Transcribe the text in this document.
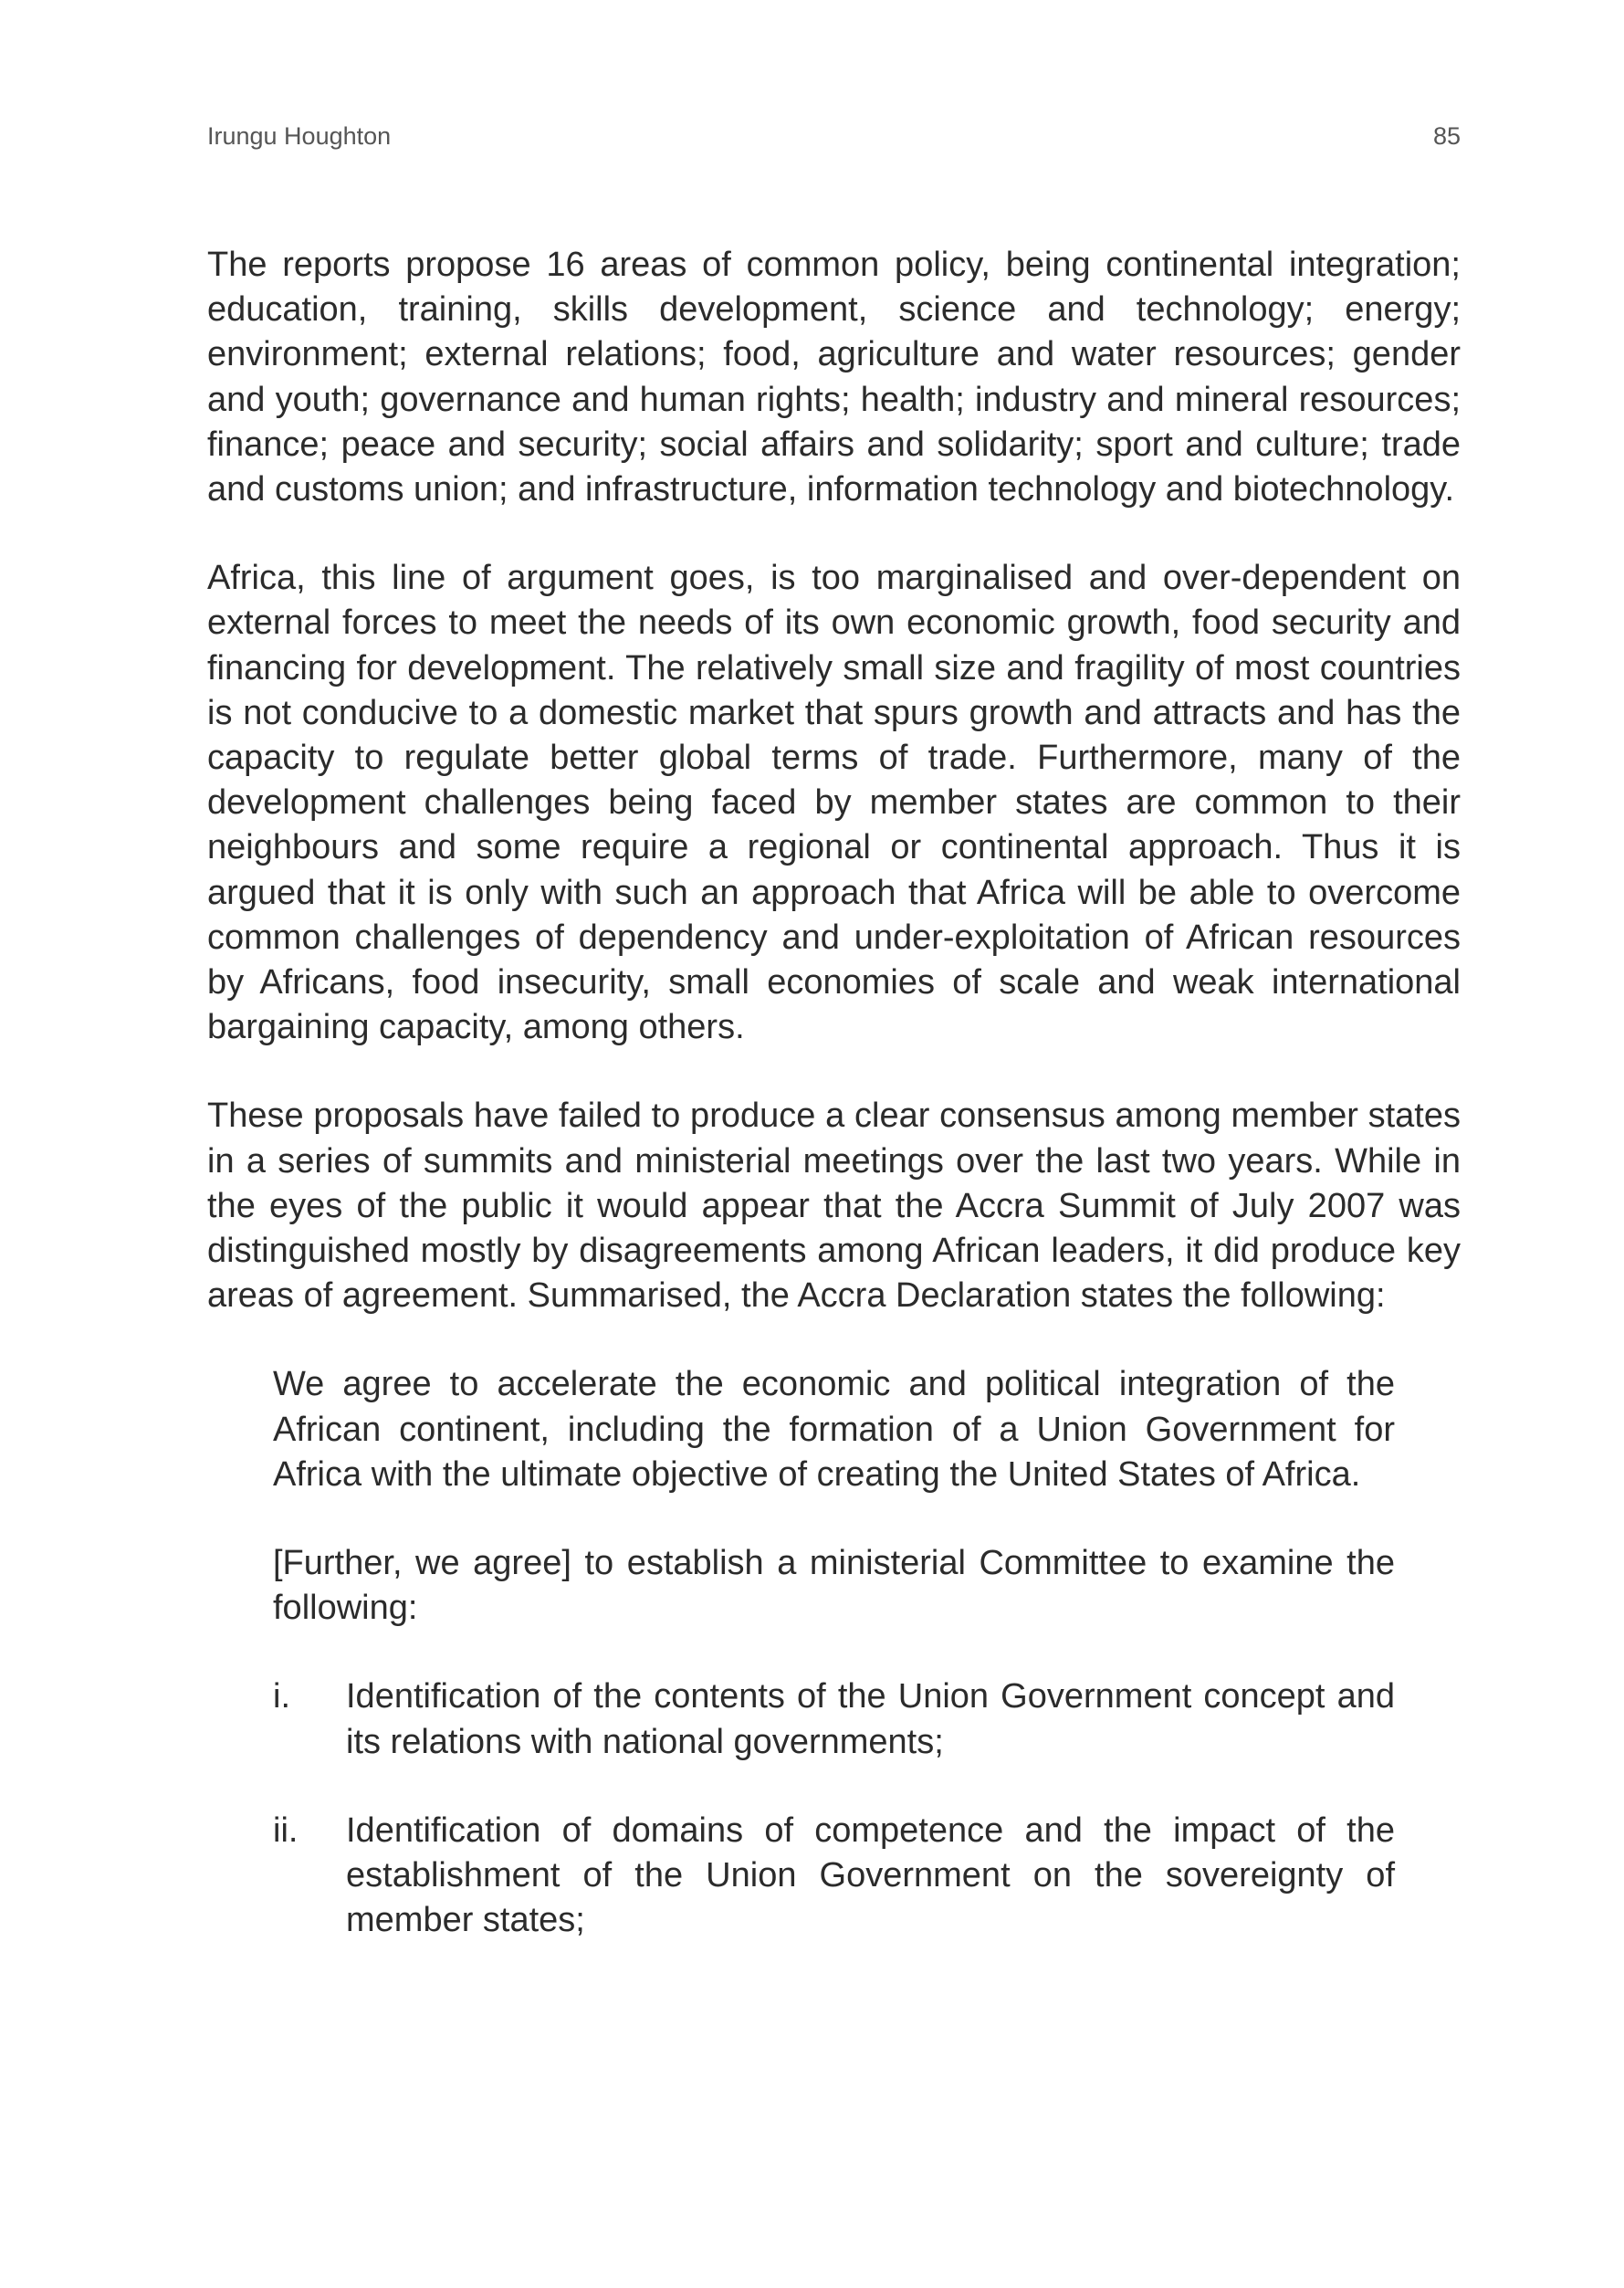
Irungu Houghton	85

The reports propose 16 areas of common policy, being continental integration; education, training, skills development, science and technology; energy; environment; external relations; food, agriculture and water resources; gender and youth; governance and human rights; health; industry and mineral resources; finance; peace and security; social affairs and solidarity; sport and culture; trade and customs union; and infrastructure, information technology and biotechnology.

Africa, this line of argument goes, is too marginalised and over-dependent on external forces to meet the needs of its own economic growth, food security and financing for development. The relatively small size and fragility of most countries is not conducive to a domestic market that spurs growth and attracts and has the capacity to regulate better global terms of trade. Furthermore, many of the development challenges being faced by member states are common to their neighbours and some require a regional or continental approach. Thus it is argued that it is only with such an approach that Africa will be able to overcome common challenges of dependency and under-exploitation of African resources by Africans, food insecurity, small economies of scale and weak international bargaining capacity, among others.

These proposals have failed to produce a clear consensus among member states in a series of summits and ministerial meetings over the last two years. While in the eyes of the public it would appear that the Accra Summit of July 2007 was distinguished mostly by disagreements among African leaders, it did produce key areas of agreement. Summarised, the Accra Declaration states the following:

We agree to accelerate the economic and political integration of the African continent, including the formation of a Union Government for Africa with the ultimate objective of creating the United States of Africa.

[Further, we agree] to establish a ministerial Committee to examine the following:

i.	Identification of the contents of the Union Government concept and its relations with national governments;
ii.	Identification of domains of competence and the impact of the establishment of the Union Government on the sovereignty of member states;
